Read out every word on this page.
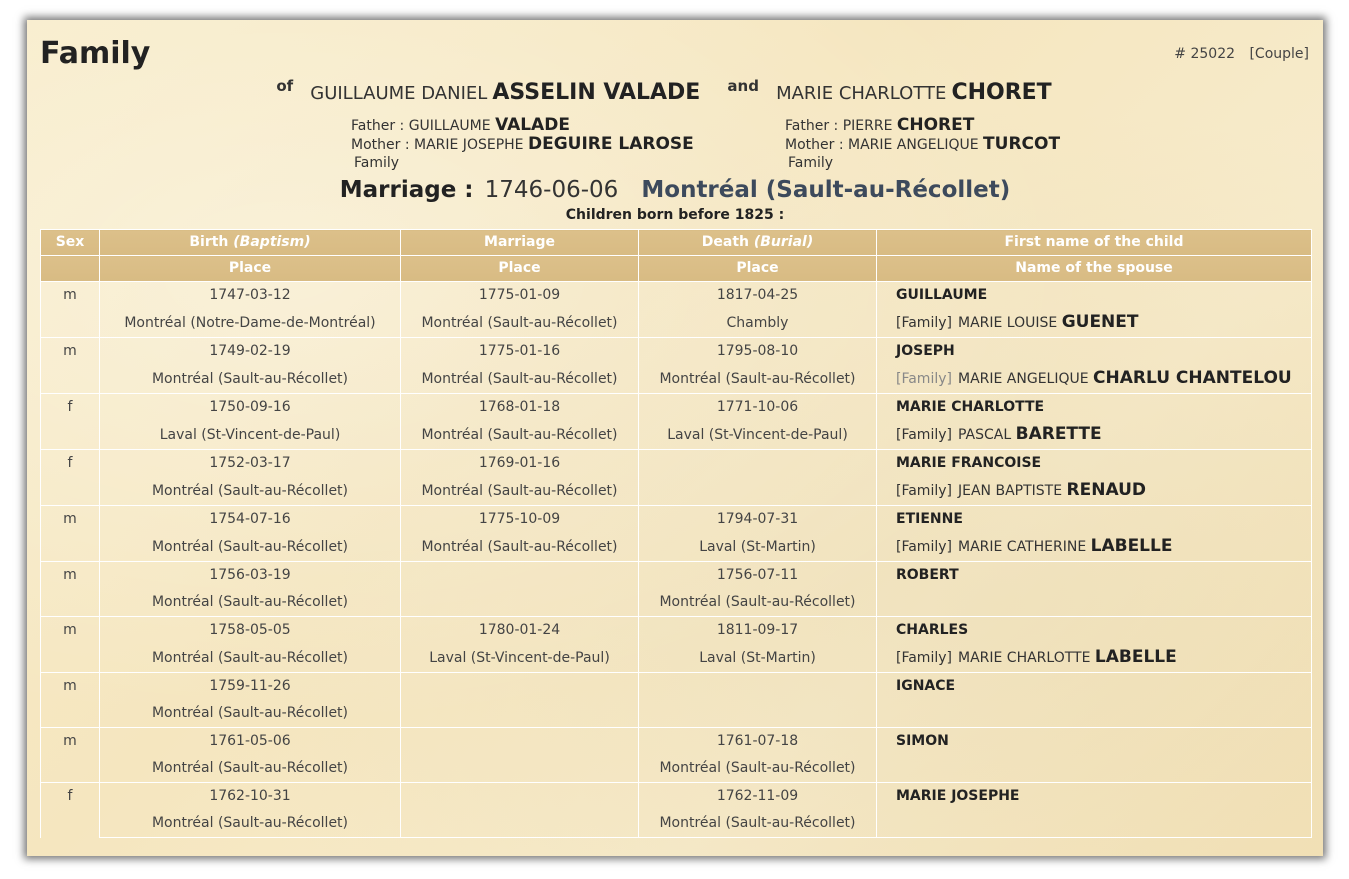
Family	# 25022 [Couple]
of GUILLAUME DANIEL ASSELIN VALADE and MARIE CHARLOTTE CHORET
Father : GUILLAUME VALADE
Mother : MARIE JOSEPHE DEGUIRE LAROSE
Family
Father : PIERRE CHORET
Mother : MARIE ANGELIQUE TURCOT
Family
Marriage : 1746-06-06 Montréal (Sault-au-Récollet)
Children born before 1825 :
Sex	Birth (Baptism)	Marriage	Death (Burial)	First name of the child
	Place	Place	Place	Name of the spouse
m	1747-03-12	1775-01-09	1817-04-25	GUILLAUME
	Montréal (Notre-Dame-de-Montréal)	Montréal (Sault-au-Récollet)	Chambly	[Family] MARIE LOUISE GUENET
m	1749-02-19	1775-01-16	1795-08-10	JOSEPH
	Montréal (Sault-au-Récollet)	Montréal (Sault-au-Récollet)	Montréal (Sault-au-Récollet)	[Family] MARIE ANGELIQUE CHARLU CHANTELOU
f	1750-09-16	1768-01-18	1771-10-06	MARIE CHARLOTTE
	Laval (St-Vincent-de-Paul)	Montréal (Sault-au-Récollet)	Laval (St-Vincent-de-Paul)	[Family] PASCAL BARETTE
f	1752-03-17	1769-01-16		MARIE FRANCOISE
	Montréal (Sault-au-Récollet)	Montréal (Sault-au-Récollet)		[Family] JEAN BAPTISTE RENAUD
m	1754-07-16	1775-10-09	1794-07-31	ETIENNE
	Montréal (Sault-au-Récollet)	Montréal (Sault-au-Récollet)	Laval (St-Martin)	[Family] MARIE CATHERINE LABELLE
m	1756-03-19		1756-07-11	ROBERT
	Montréal (Sault-au-Récollet)		Montréal (Sault-au-Récollet)	
m	1758-05-05	1780-01-24	1811-09-17	CHARLES
	Montréal (Sault-au-Récollet)	Laval (St-Vincent-de-Paul)	Laval (St-Martin)	[Family] MARIE CHARLOTTE LABELLE
m	1759-11-26			IGNACE
	Montréal (Sault-au-Récollet)			
m	1761-05-06		1761-07-18	SIMON
	Montréal (Sault-au-Récollet)		Montréal (Sault-au-Récollet)	
f	1762-10-31		1762-11-09	MARIE JOSEPHE
	Montréal (Sault-au-Récollet)		Montréal (Sault-au-Récollet)	
